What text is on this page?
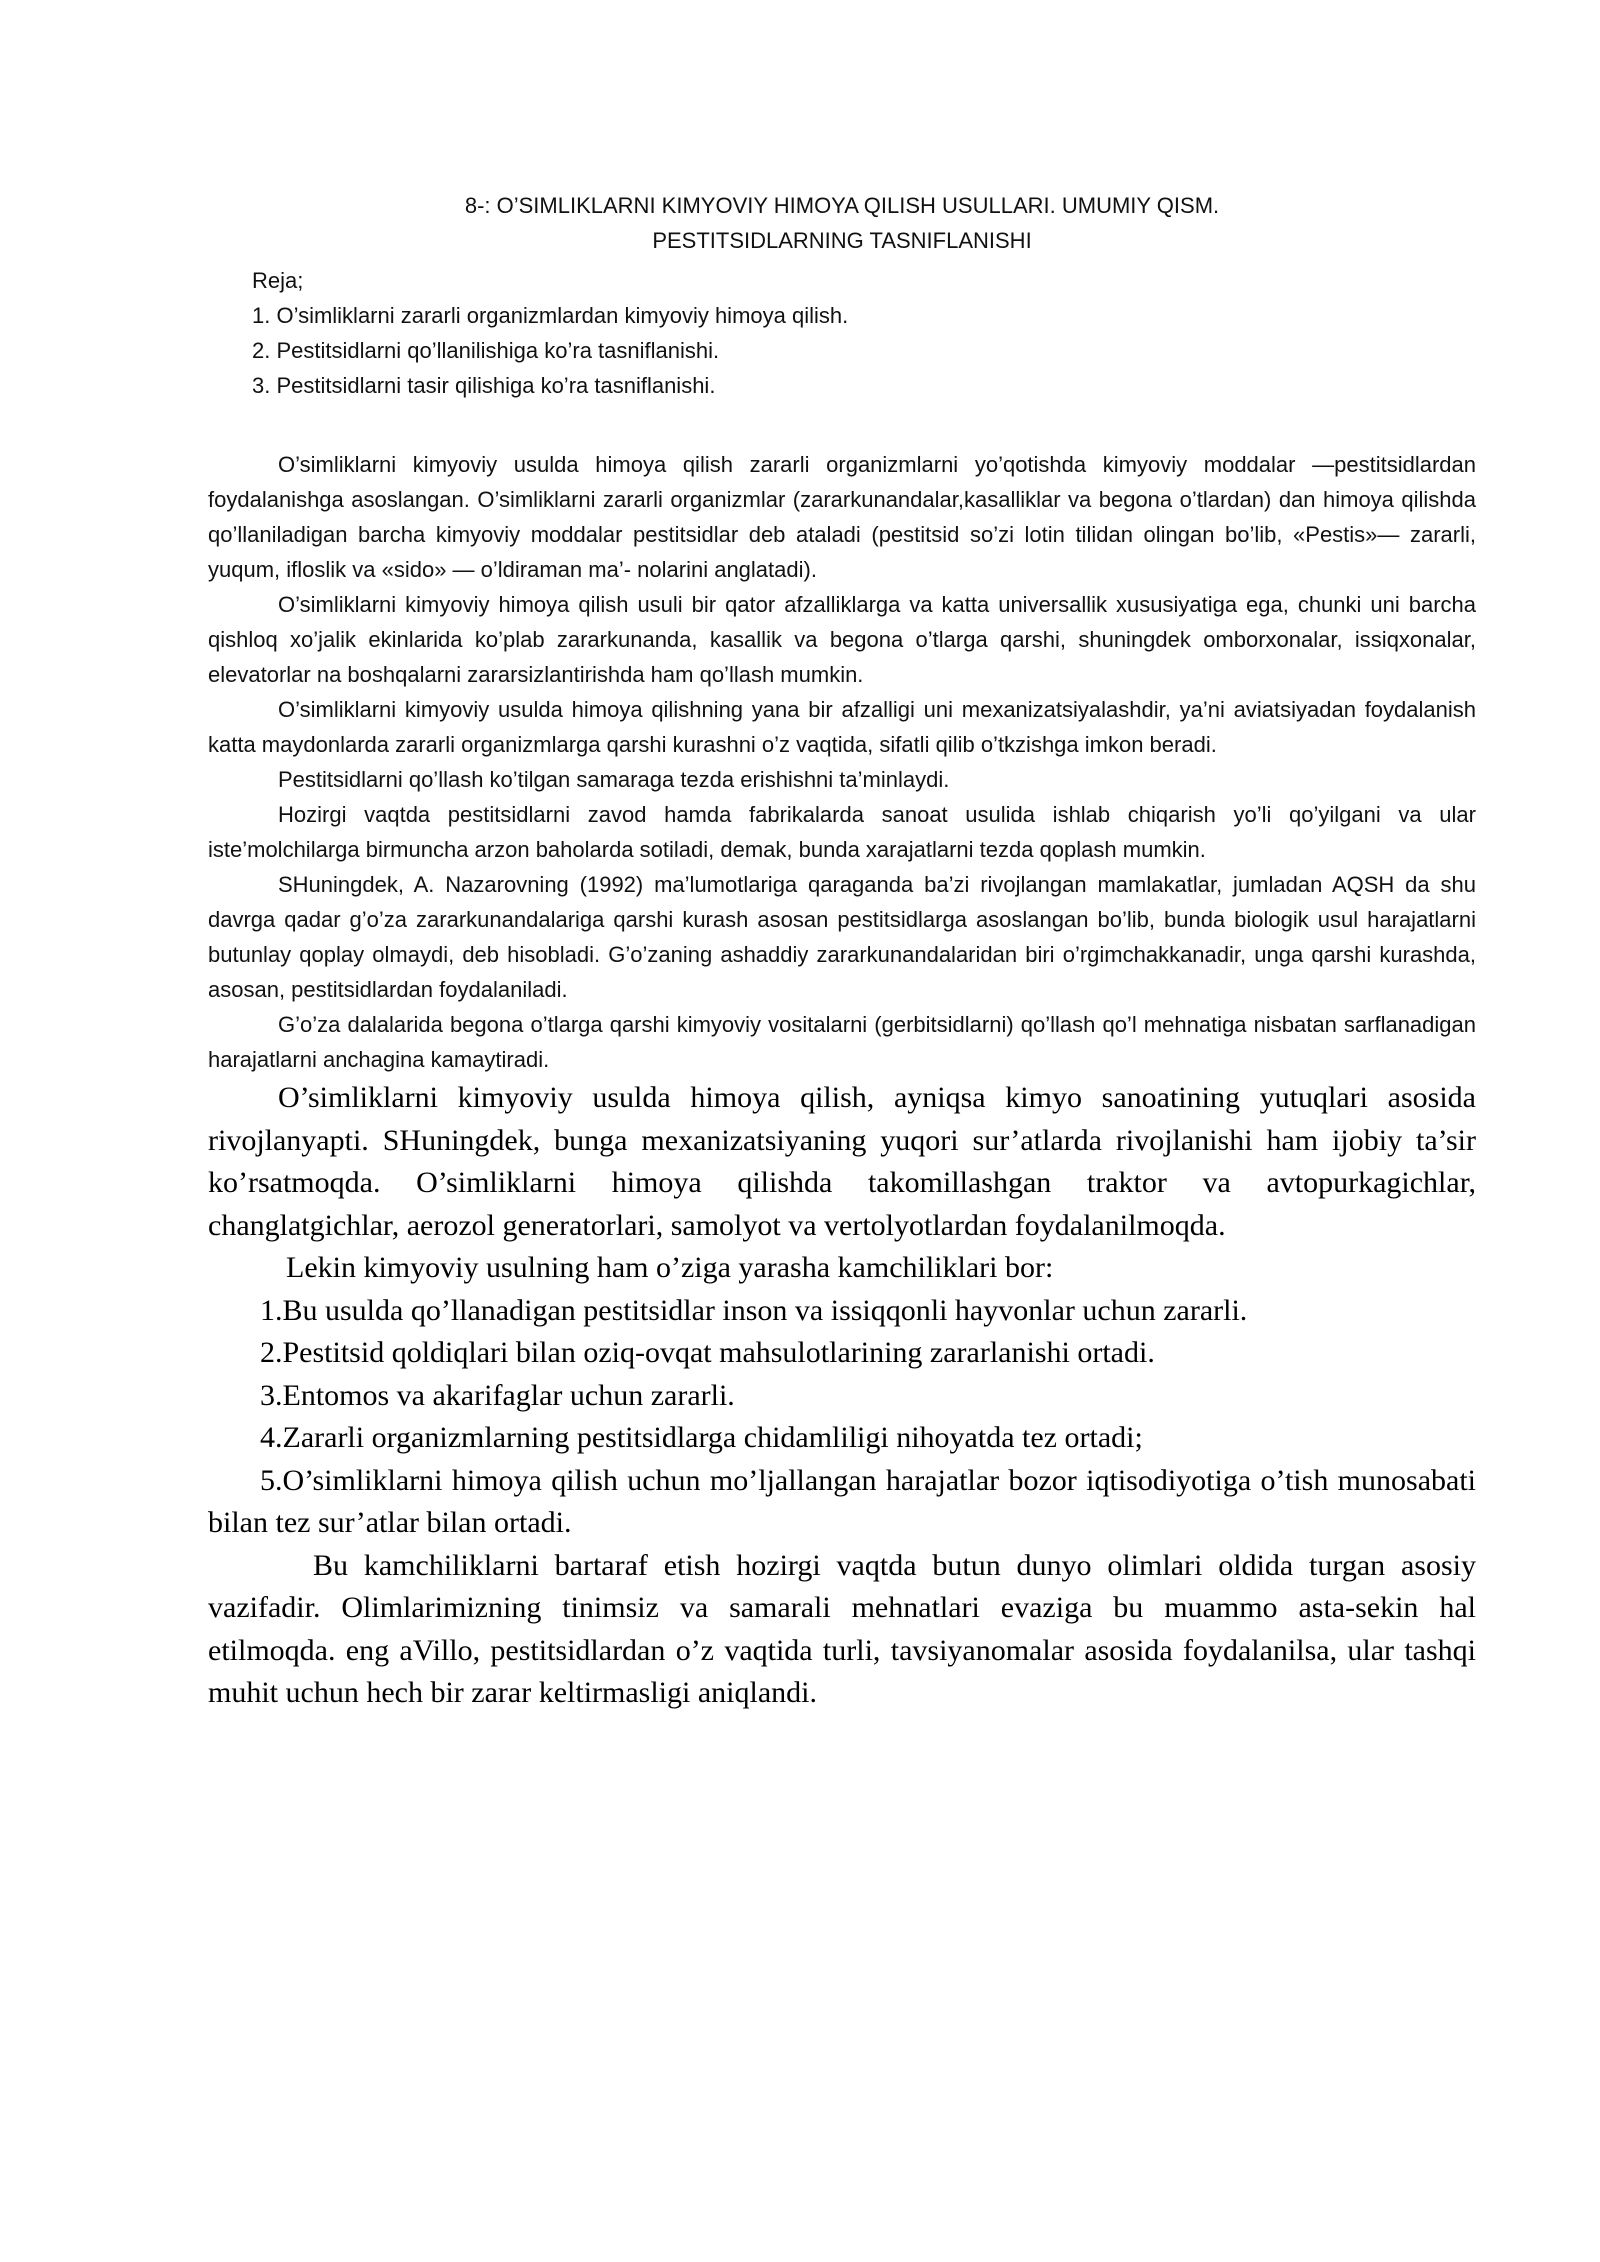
8-: O’SIMLIKLARNI KIMYOVIY HIMOYA QILISH USULLARI. UMUMIY QISM.
PESTITSIDLARNING TASNIFLANISHI
Reja;
1. O’simliklarni zararli organizmlardan kimyoviy himoya qilish.
2. Pestitsidlarni qo’llanilishiga ko’ra tasniflanishi.
3. Pestitsidlarni tasir qilishiga ko’ra tasniflanishi.

O’simliklarni kimyoviy usulda himoya qilish zararli organizmlarni yo’qotishda kimyoviy moddalar —pestitsidlardan foydalanishga asoslangan. O’simliklarni zararli organizmlar (zararkunandalar,kasalliklar va begona o’tlardan) dan himoya qilishda qo’llaniladigan barcha kimyoviy moddalar pestitsidlar deb ataladi (pestitsid so’zi lotin tilidan olingan bo’lib, «Pestis»— zararli, yuqum, ifloslik va «sido» — o’ldiraman ma’- nolarini anglatadi).

O’simliklarni kimyoviy himoya qilish usuli bir qator afzalliklarga va katta universallik xususiyatiga ega, chunki uni barcha qishloq xo’jalik ekinlarida ko’plab zararkunanda, kasallik va begona o’tlarga qarshi, shuningdek omborxonalar, issiqxonalar, elevatorlar na boshqalarni zararsizlantirishda ham qo’llash mumkin.

O’simliklarni kimyoviy usulda himoya qilishning yana bir afzalligi uni mexanizatsiyalashdir, ya’ni aviatsiyadan foydalanish katta maydonlarda zararli organizmlarga qarshi kurashni o’z vaqtida, sifatli qilib o’tkzishga imkon beradi.

Pestitsidlarni qo’llash ko’tilgan samaraga tezda erishishni ta’minlaydi.

Hozirgi vaqtda pestitsidlarni zavod hamda fabrikalarda sanoat usulida ishlab chiqarish yo’li qo’yilgani va ular iste’molchilarga birmuncha arzon baholarda sotiladi, demak, bunda xarajatlarni tezda qoplash mumkin.

SHuningdek, A. Nazarovning (1992) ma’lumotlariga qaraganda ba’zi rivojlangan mamlakatlar, jumladan AQSH da shu davrga qadar g’o’za zararkunandalariga qarshi kurash asosan pestitsidlarga asoslangan bo’lib, bunda biologik usul harajatlarni butunlay qoplay olmaydi, deb hisobladi. G’o’zaning ashaddiy zararkunandalaridan biri o’rgimchakkanadir, unga qarshi kurashda, asosan, pestitsidlardan foydalaniladi.

G’o’za dalalarida begona o’tlarga qarshi kimyoviy vositalarni (gerbitsidlarni) qo’llash qo’l mehnatiga nisbatan sarflanadigan harajatlarni anchagina kamaytiradi.

O’simliklarni kimyoviy usulda himoya qilish, ayniqsa kimyo sanoatining yutuqlari asosida rivojlanyapti. SHuningdek, bunga mexanizatsiyaning yuqori sur’atlarda rivojlanishi ham ijobiy ta’sir ko’rsatmoqda. O’simliklarni himoya qilishda takomillashgan traktor va avtopurkagichlar, changlatgichlar, aerozol generatorlari, samolyot va vertolyotlardan foydalanilmoqda.

Lekin kimyoviy usulning ham o’ziga yarasha kamchiliklari bor:

1.Bu usulda qo’llanadigan pestitsidlar inson va issiqqonli hayvonlar uchun zararli.

2.Pestitsid qoldiqlari bilan oziq-ovqat mahsulotlarining zararlanishi ortadi.

3.Entomos va akarifaglar uchun zararli.

4.Zararli organizmlarning pestitsidlarga chidamliligi nihoyatda tez ortadi;

5.O’simliklarni himoya qilish uchun mo’ljallangan harajatlar bozor iqtisodiyotiga o’tish munosabati bilan tez sur’atlar bilan ortadi.

Bu kamchiliklarni bartaraf etish hozirgi vaqtda butun dunyo olimlari oldida turgan asosiy vazifadir. Olimlarimizning tinimsiz va samarali mehnatlari evaziga bu muammo asta-sekin hal etilmoqda. eng aVillo, pestitsidlardan o’z vaqtida turli, tavsiyanomalar asosida foydalanilsa, ular tashqi muhit uchun hech bir zarar keltirmasligi aniqlandi.
